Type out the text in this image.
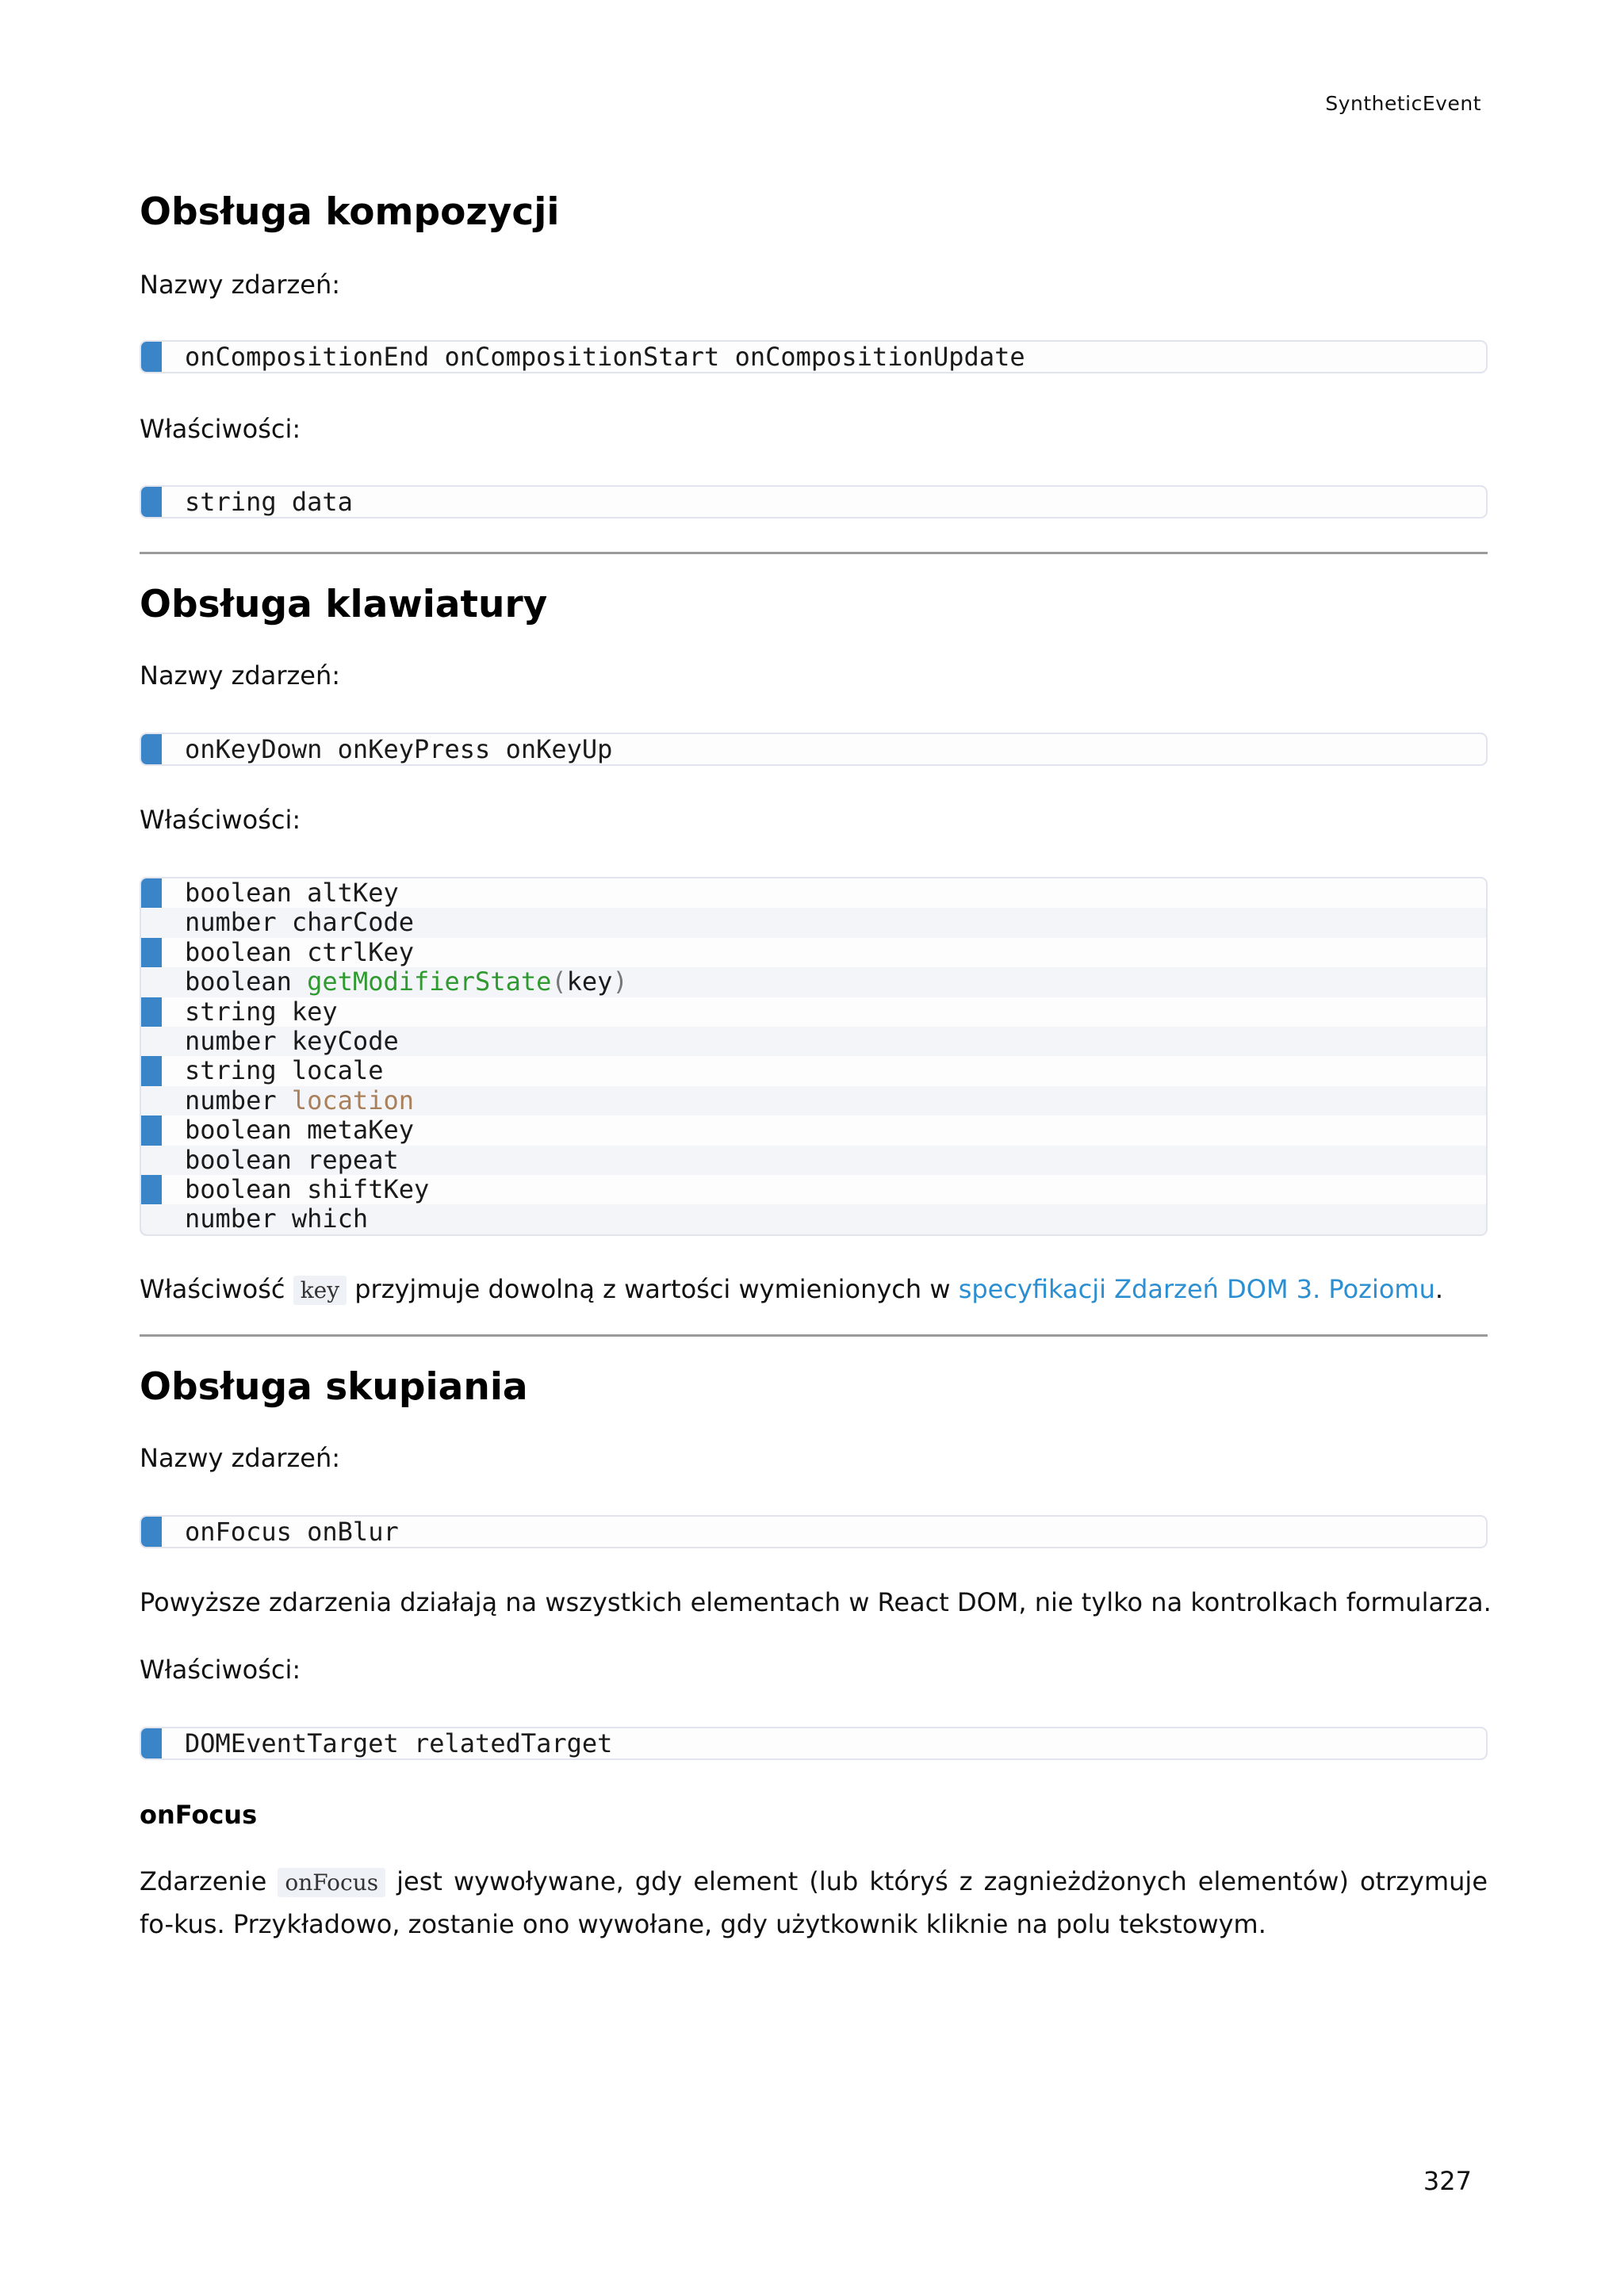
SyntheticEvent
Obsługa kompozycji

Nazwy zdarzeń:

onCompositionEnd onCompositionStart onCompositionUpdate

Właściwości:

string data
Obsługa klawiatury

Nazwy zdarzeń:

onKeyDown onKeyPress onKeyUp

Właściwości:

boolean altKey
number charCode
boolean ctrlKey
boolean getModifierState(key)
string key
number keyCode
string locale
number location
boolean metaKey
boolean repeat
boolean shiftKey
number which

Właściwość key przyjmuje dowolną z wartości wymienionych w specyfikacji Zdarzeń DOM 3. Poziomu.

Obsługa skupiania

Nazwy zdarzeń:

onFocus onBlur

Powyższe zdarzenia działają na wszystkich elementach w React DOM, nie tylko na kontrolkach formularza.

Właściwości:

DOMEventTarget relatedTarget
onFocus

Zdarzenie onFocus jest wywoływane, gdy element (lub któryś z zagnieżdżonych elementów) otrzymuje fo-kus. Przykładowo, zostanie ono wywołane, gdy użytkownik kliknie na polu tekstowym.

327
